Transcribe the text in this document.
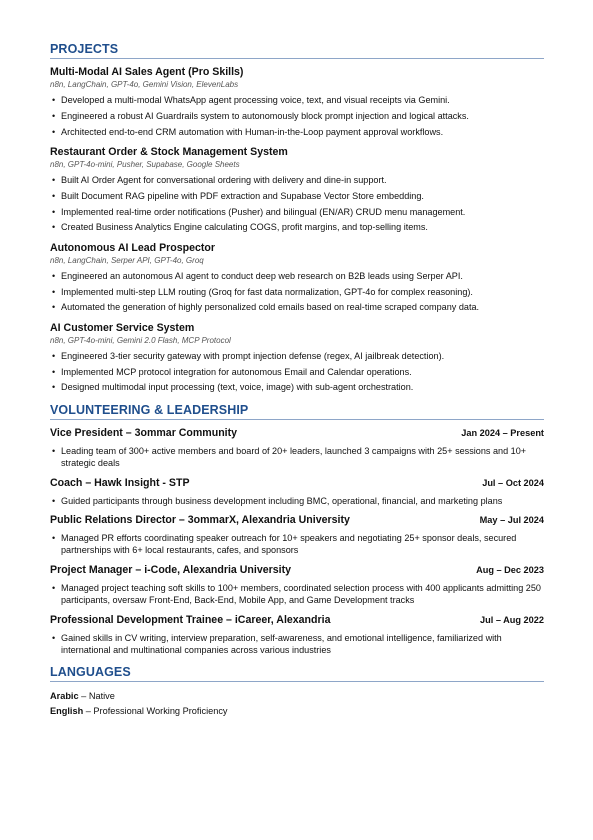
PROJECTS
Multi-Modal AI Sales Agent (Pro Skills)
n8n, LangChain, GPT-4o, Gemini Vision, ElevenLabs
• Developed a multi-modal WhatsApp agent processing voice, text, and visual receipts via Gemini.
• Engineered a robust AI Guardrails system to autonomously block prompt injection and logical attacks.
• Architected end-to-end CRM automation with Human-in-the-Loop payment approval workflows.
Restaurant Order & Stock Management System
n8n, GPT-4o-mini, Pusher, Supabase, Google Sheets
• Built AI Order Agent for conversational ordering with delivery and dine-in support.
• Built Document RAG pipeline with PDF extraction and Supabase Vector Store embedding.
• Implemented real-time order notifications (Pusher) and bilingual (EN/AR) CRUD menu management.
• Created Business Analytics Engine calculating COGS, profit margins, and top-selling items.
Autonomous AI Lead Prospector
n8n, LangChain, Serper API, GPT-4o, Groq
• Engineered an autonomous AI agent to conduct deep web research on B2B leads using Serper API.
• Implemented multi-step LLM routing (Groq for fast data normalization, GPT-4o for complex reasoning).
• Automated the generation of highly personalized cold emails based on real-time scraped company data.
AI Customer Service System
n8n, GPT-4o-mini, Gemini 2.0 Flash, MCP Protocol
• Engineered 3-tier security gateway with prompt injection defense (regex, AI jailbreak detection).
• Implemented MCP protocol integration for autonomous Email and Calendar operations.
• Designed multimodal input processing (text, voice, image) with sub-agent orchestration.
VOLUNTEERING & LEADERSHIP
Vice President – 3ommar Community	Jan 2024 – Present
• Leading team of 300+ active members and board of 20+ leaders, launched 3 campaigns with 25+ sessions and 10+ strategic deals
Coach – Hawk Insight - STP	Jul – Oct 2024
• Guided participants through business development including BMC, operational, financial, and marketing plans
Public Relations Director – 3ommarX, Alexandria University	May – Jul 2024
• Managed PR efforts coordinating speaker outreach for 10+ speakers and negotiating 25+ sponsor deals, secured partnerships with 6+ local restaurants, cafes, and sponsors
Project Manager – i-Code, Alexandria University	Aug – Dec 2023
• Managed project teaching soft skills to 100+ members, coordinated selection process with 400 applicants admitting 250 participants, oversaw Front-End, Back-End, Mobile App, and Game Development tracks
Professional Development Trainee – iCareer, Alexandria	Jul – Aug 2022
• Gained skills in CV writing, interview preparation, self-awareness, and emotional intelligence, familiarized with international and multinational companies across various industries
LANGUAGES
Arabic – Native
English – Professional Working Proficiency
